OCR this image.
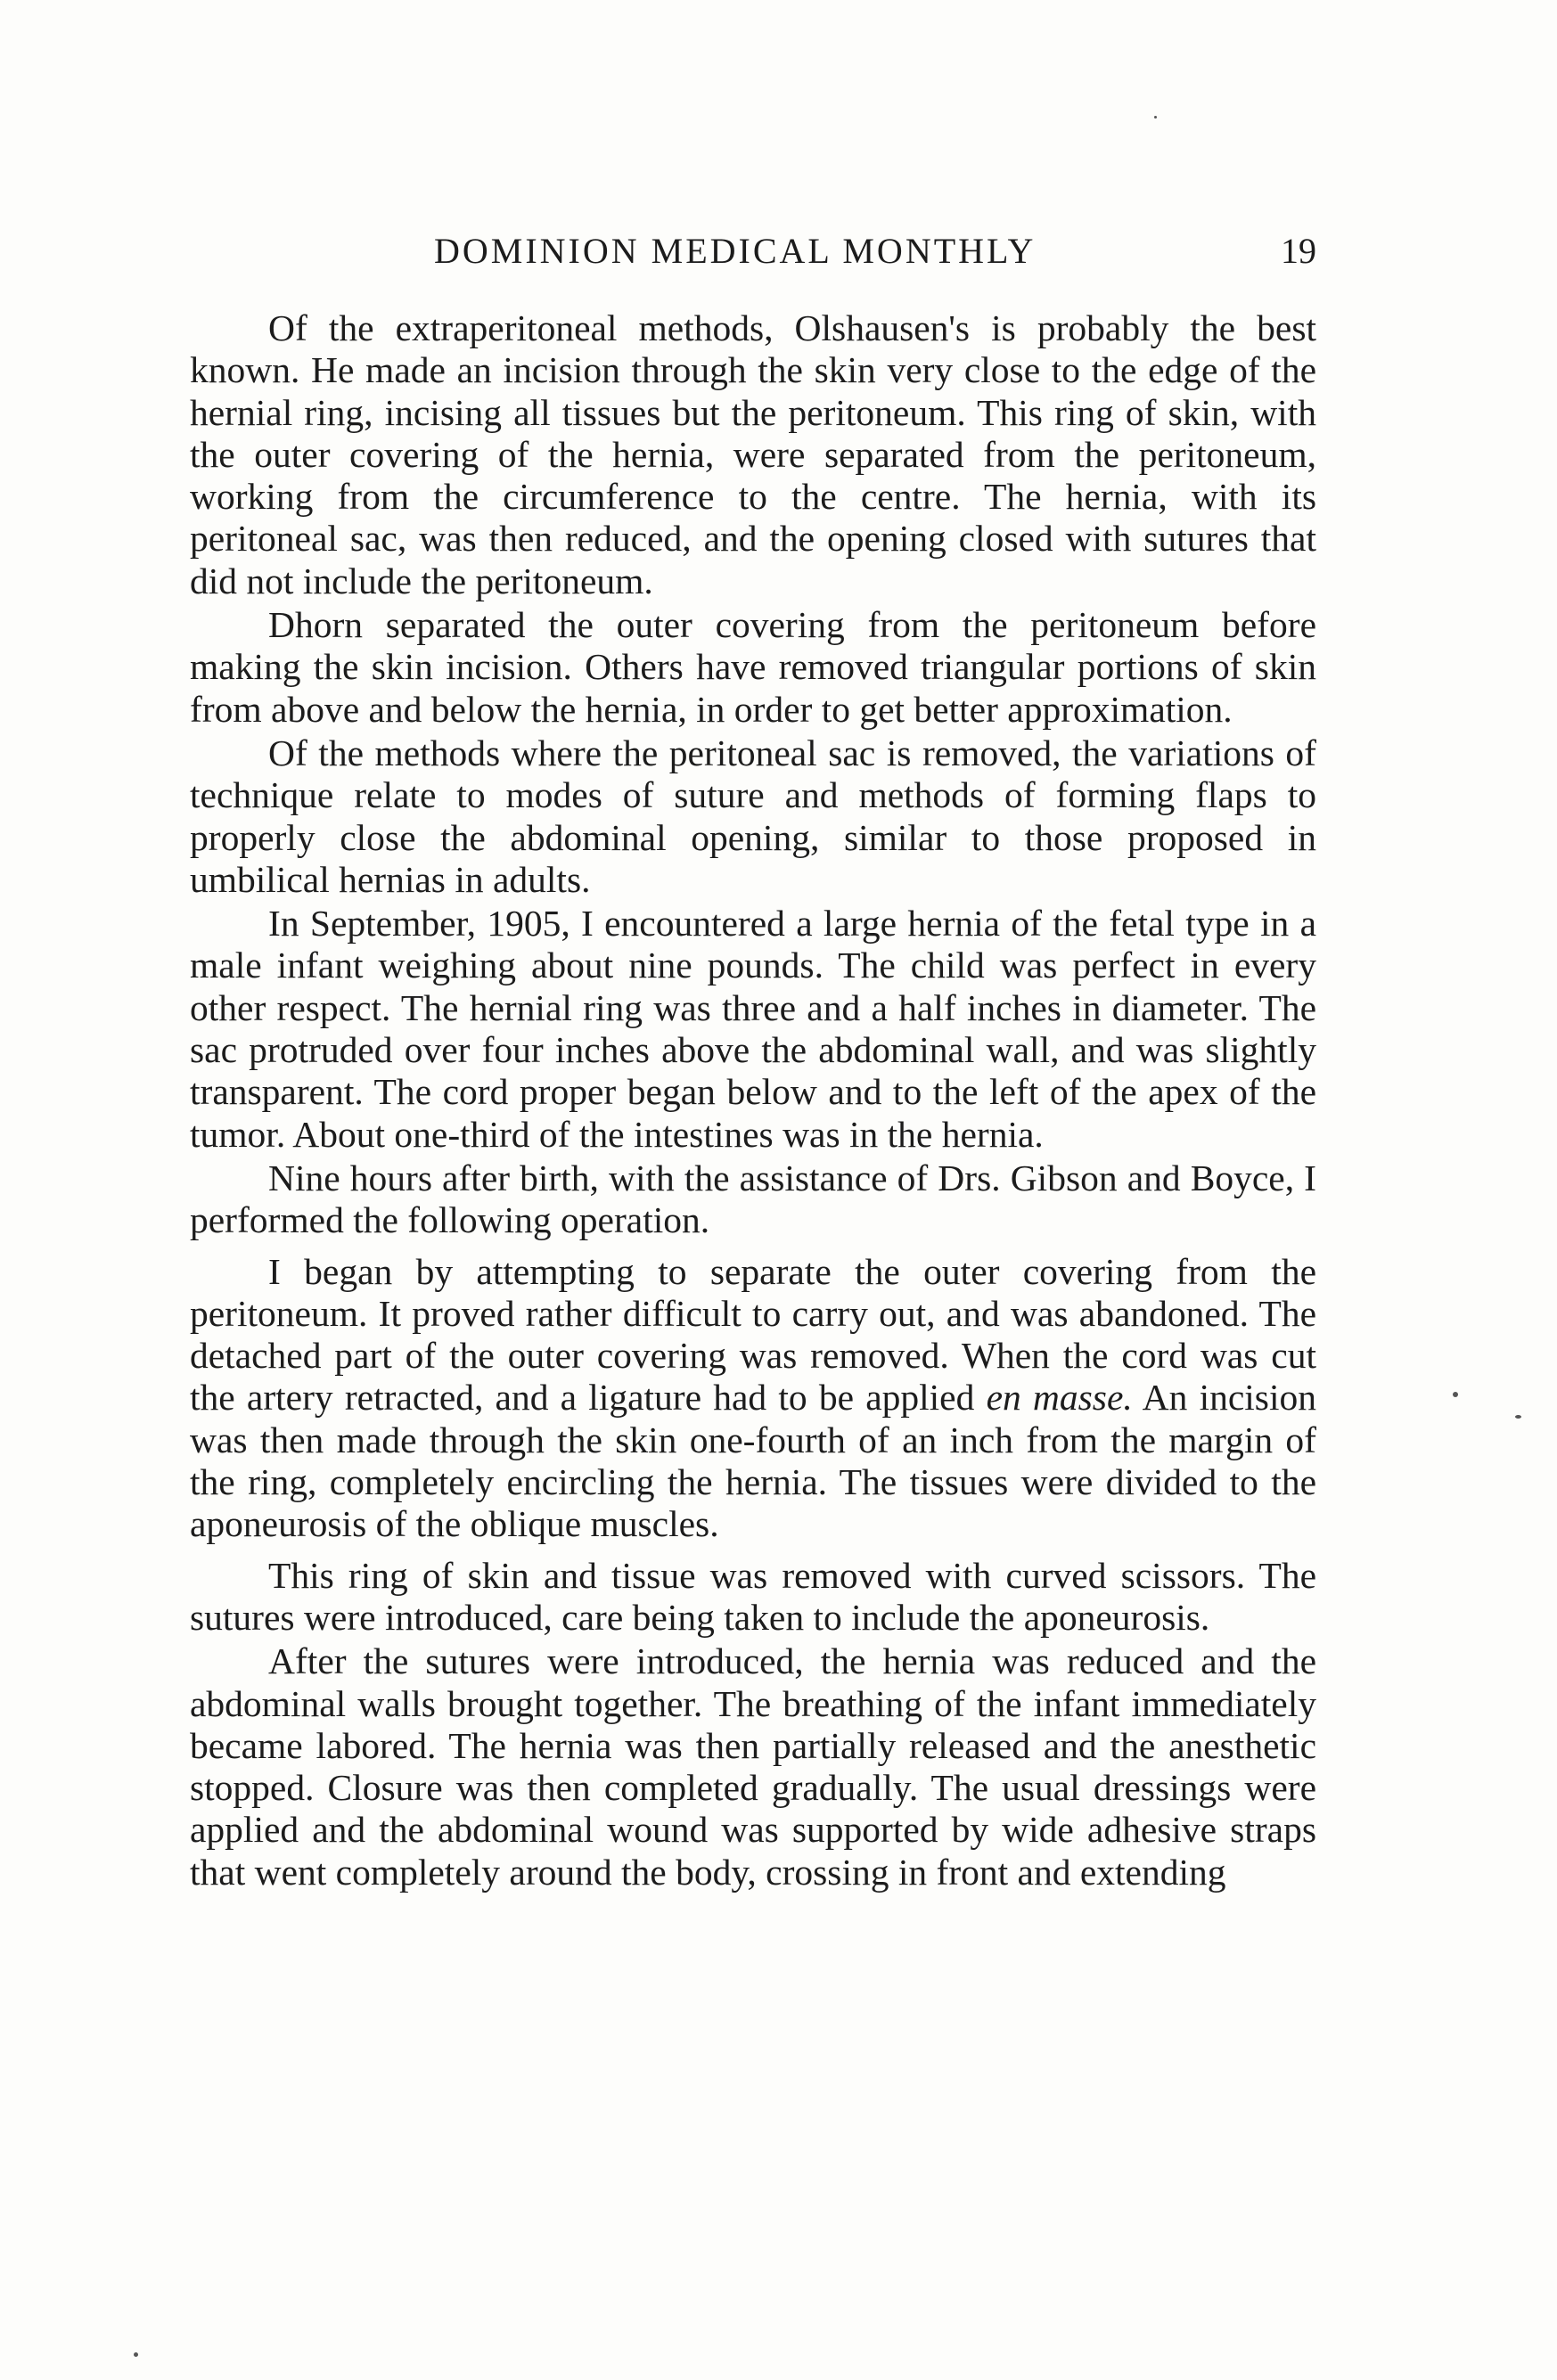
DOMINION MEDICAL MONTHLY	19

Of the extraperitoneal methods, Olshausen's is probably the best known. He made an incision through the skin very close to the edge of the hernial ring, incising all tissues but the peritoneum. This ring of skin, with the outer covering of the hernia, were separated from the peritoneum, working from the circumference to the centre. The hernia, with its peritoneal sac, was then reduced, and the opening closed with sutures that did not include the peritoneum.

Dhorn separated the outer covering from the peritoneum before making the skin incision. Others have removed triangular portions of skin from above and below the hernia, in order to get better approximation.

Of the methods where the peritoneal sac is removed, the variations of technique relate to modes of suture and methods of forming flaps to properly close the abdominal opening, similar to those proposed in umbilical hernias in adults.

In September, 1905, I encountered a large hernia of the fetal type in a male infant weighing about nine pounds. The child was perfect in every other respect. The hernial ring was three and a half inches in diameter. The sac protruded over four inches above the abdominal wall, and was slightly transparent. The cord proper began below and to the left of the apex of the tumor. About one-third of the intestines was in the hernia.

Nine hours after birth, with the assistance of Drs. Gibson and Boyce, I performed the following operation.

I began by attempting to separate the outer covering from the peritoneum. It proved rather difficult to carry out, and was abandoned. The detached part of the outer covering was removed. When the cord was cut the artery retracted, and a ligature had to be applied en masse. An incision was then made through the skin one-fourth of an inch from the margin of the ring, completely encircling the hernia. The tissues were divided to the aponeurosis of the oblique muscles.

This ring of skin and tissue was removed with curved scissors. The sutures were introduced, care being taken to include the aponeurosis.

After the sutures were introduced, the hernia was reduced and the abdominal walls brought together. The breathing of the infant immediately became labored. The hernia was then partially released and the anesthetic stopped. Closure was then completed gradually. The usual dressings were applied and the abdominal wound was supported by wide adhesive straps that went completely around the body, crossing in front and extending
